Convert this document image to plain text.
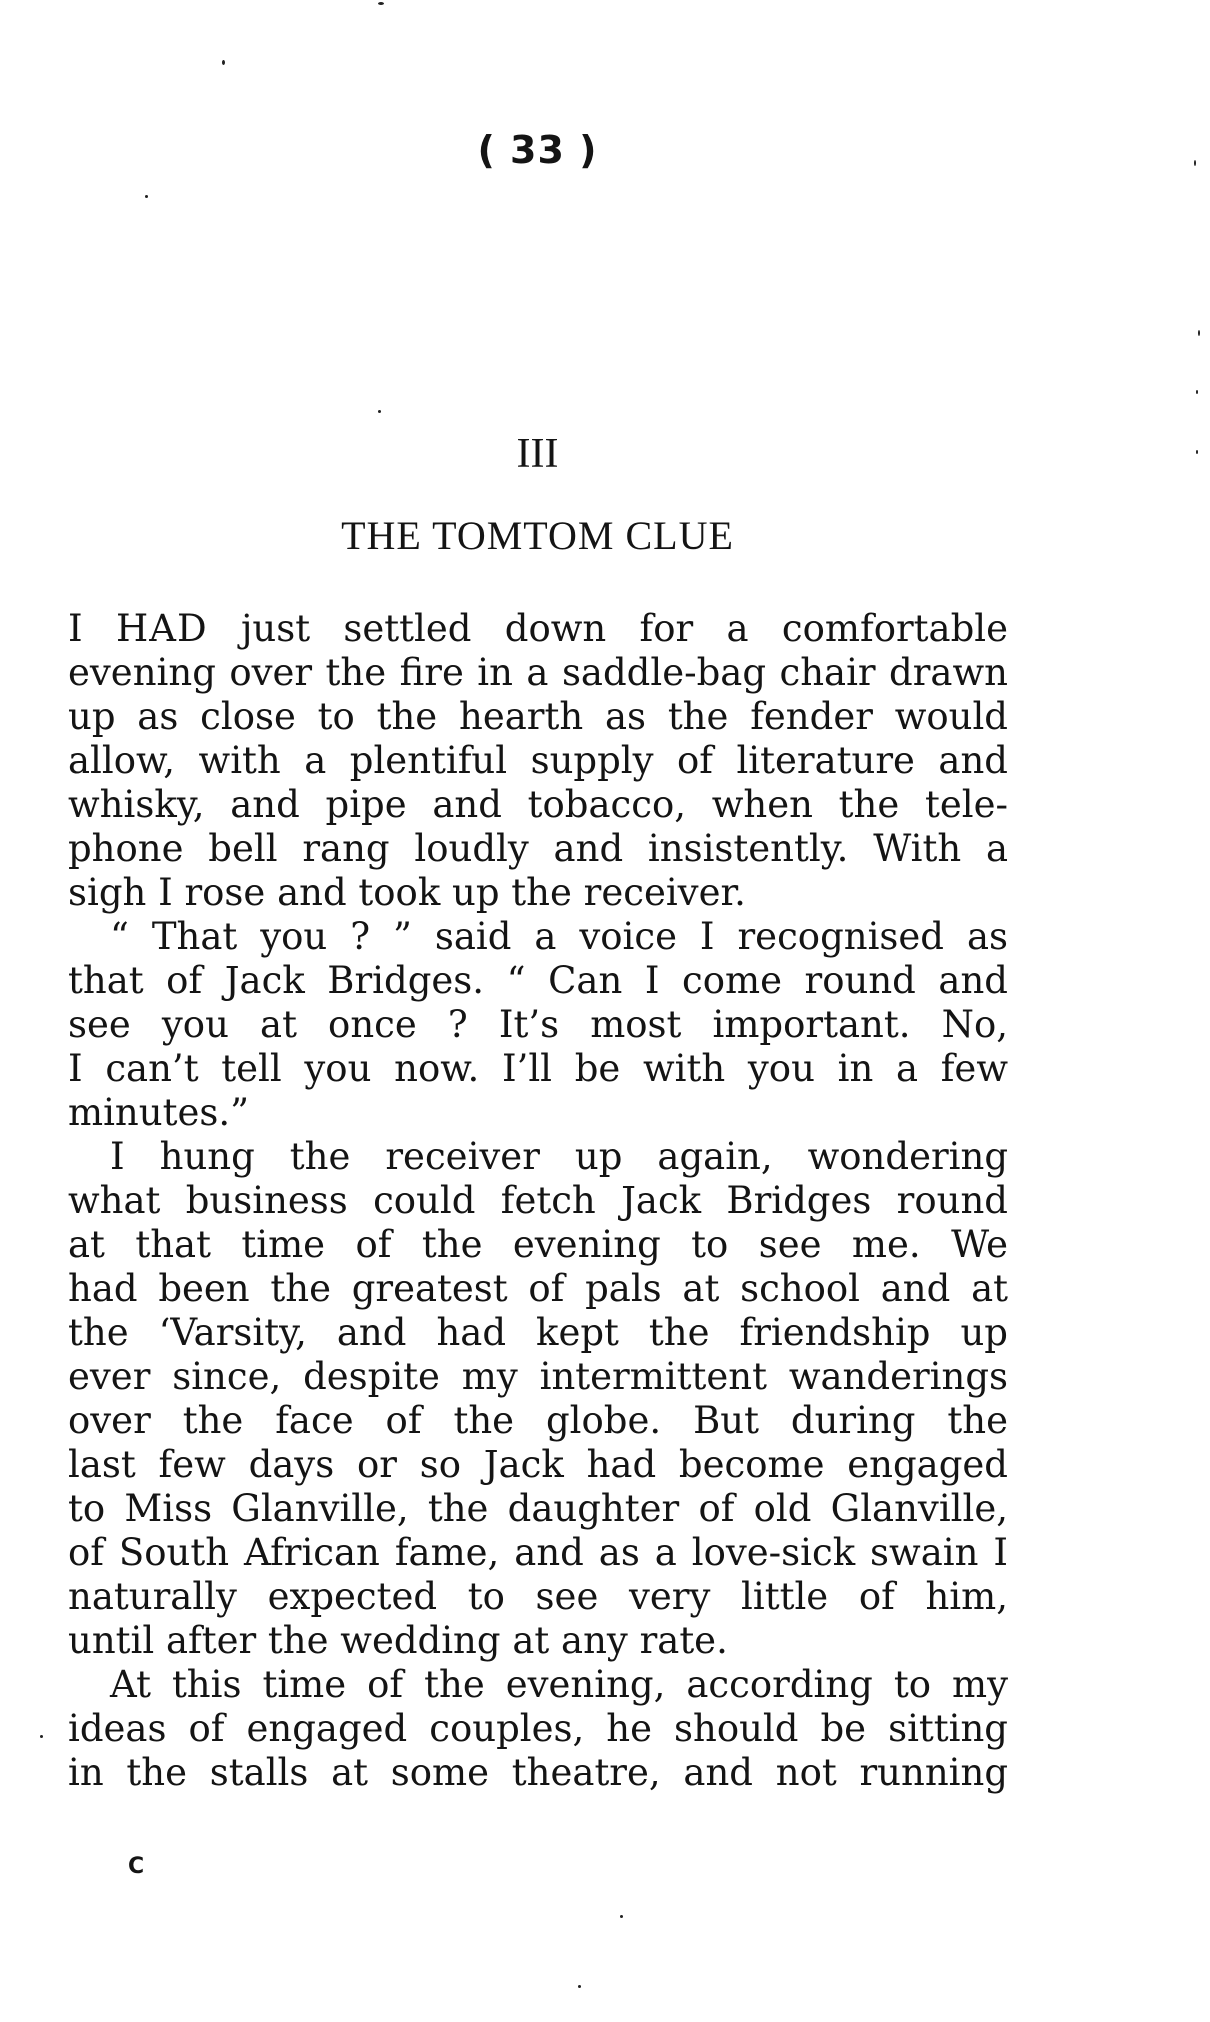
( 33 )
III
THE TOMTOM CLUE
I HAD just settled down for a comfortable
evening over the fire in a saddle-bag chair drawn
up as close to the hearth as the fender would
allow, with a plentiful supply of literature and
whisky, and pipe and tobacco, when the tele-
phone bell rang loudly and insistently. With a
sigh I rose and took up the receiver.
“ That you ? ” said a voice I recognised as
that of Jack Bridges. “ Can I come round and
see you at once ? It’s most important. No,
I can’t tell you now. I’ll be with you in a few
minutes.”
I hung the receiver up again, wondering
what business could fetch Jack Bridges round
at that time of the evening to see me. We
had been the greatest of pals at school and at
the ‘Varsity, and had kept the friendship up
ever since, despite my intermittent wanderings
over the face of the globe. But during the
last few days or so Jack had become engaged
to Miss Glanville, the daughter of old Glanville,
of South African fame, and as a love-sick swain I
naturally expected to see very little of him,
until after the wedding at any rate.
At this time of the evening, according to my
ideas of engaged couples, he should be sitting
in the stalls at some theatre, and not running
C
